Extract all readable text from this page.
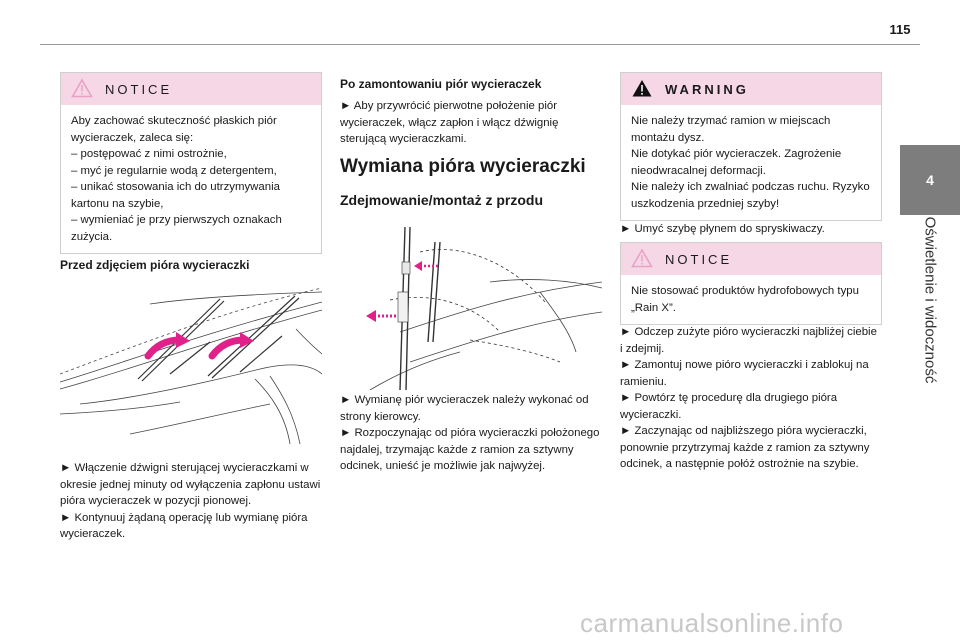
115
4
Oświetlenie i widoczność
NOTICE
Aby zachować skuteczność płaskich piór wycieraczek, zaleca się:
– postępować z nimi ostrożnie,
– myć je regularnie wodą z detergentem,
– unikać stosowania ich do utrzymywania kartonu na szybie,
– wymieniać je przy pierwszych oznakach zużycia.
Przed zdjęciem pióra wycieraczki
► Włączenie dźwigni sterującej wycieraczkami w okresie jednej minuty od wyłączenia zapłonu ustawi pióra wycieraczek w pozycji pionowej.
► Kontynuuj żądaną operację lub wymianę pióra wycieraczek.
Po zamontowaniu piór wycieraczek
► Aby przywrócić pierwotne położenie piór wycieraczek, włącz zapłon i włącz dźwignię sterującą wycieraczkami.
Wymiana pióra wycieraczki
Zdejmowanie/montaż z przodu
► Wymianę piór wycieraczek należy wykonać od strony kierowcy.
► Rozpoczynając od pióra wycieraczki położonego najdalej, trzymając każde z ramion za sztywny odcinek, unieść je możliwie jak najwyżej.
WARNING
Nie należy trzymać ramion w miejscach montażu dysz.
Nie dotykać piór wycieraczek. Zagrożenie nieodwracalnej deformacji.
Nie należy ich zwalniać podczas ruchu. Ryzyko uszkodzenia przedniej szyby!
► Umyć szybę płynem do spryskiwaczy.
NOTICE
Nie stosować produktów hydrofobowych typu „Rain X”.
► Odczep zużyte pióro wycieraczki najbliżej ciebie i zdejmij.
► Zamontuj nowe pióro wycieraczki i zablokuj na ramieniu.
► Powtórz tę procedurę dla drugiego pióra wycieraczki.
► Zaczynając od najbliższego pióra wycieraczki, ponownie przytrzymaj każde z ramion za sztywny odcinek, a następnie połóż ostrożnie na szybie.
carmanualsonline.info
